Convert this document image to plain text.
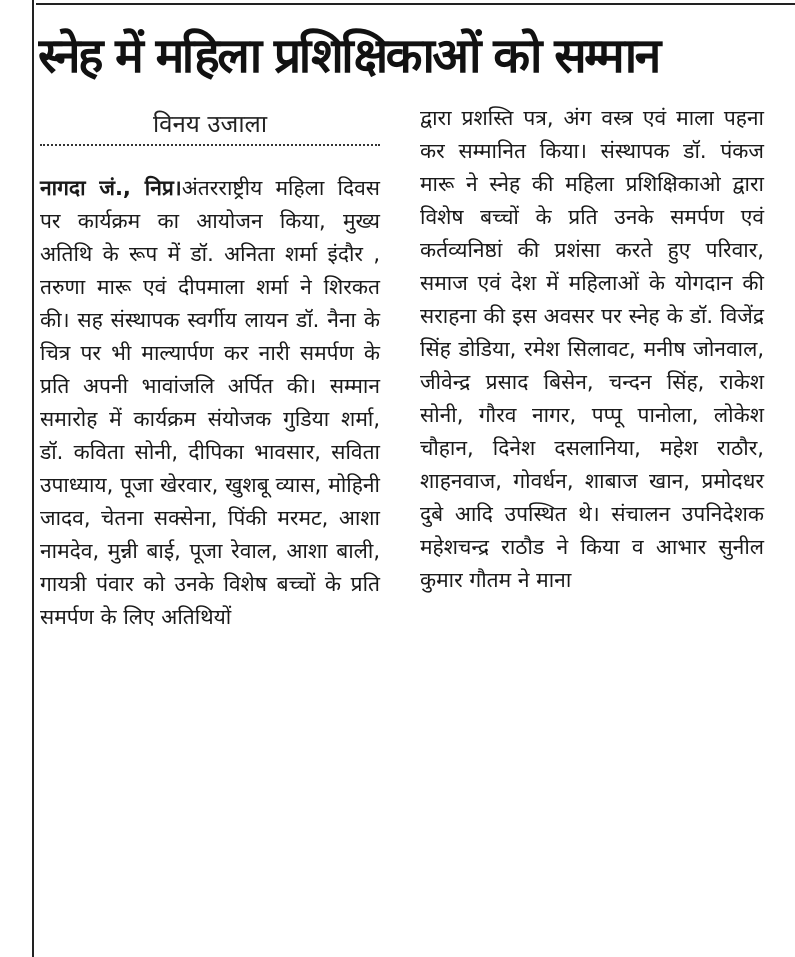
स्नेह में महिला प्रशिक्षिकाओं को सम्मान
विनय उजाला

नागदा जं., निप्र।अंतरराष्ट्रीय महिला दिवस पर कार्यक्रम का आयोजन किया, मुख्य अतिथि के रूप में डॉ. अनिता शर्मा इंदौर , तरुणा मारू एवं दीपमाला शर्मा ने शिरकत की। सह संस्थापक स्वर्गीय लायन डॉ. नैना के चित्र पर भी माल्यार्पण कर नारी समर्पण के प्रति अपनी भावांजलि अर्पित की। सम्मान समारोह में कार्यक्रम संयोजक गुडिया शर्मा, डॉ. कविता सोनी, दीपिका भावसार, सविता उपाध्याय, पूजा खेरवार, खुशबू व्यास, मोहिनी जादव, चेतना सक्सेना, पिंकी मरमट, आशा नामदेव, मुन्नी बाई, पूजा रेवाल, आशा बाली, गायत्री पंवार को उनके विशेष बच्चों के प्रति समर्पण के लिए अतिथियों

द्वारा प्रशस्ति पत्र, अंग वस्त्र एवं माला पहना कर सम्मानित किया। संस्थापक डॉ. पंकज मारू ने स्नेह की महिला प्रशिक्षिकाओ द्वारा विशेष बच्चों के प्रति उनके समर्पण एवं कर्तव्यनिष्ठां की प्रशंसा करते हुए परिवार, समाज एवं देश में महिलाओं के योगदान की सराहना की इस अवसर पर स्नेह के डॉ. विजेंद्र सिंह डोडिया, रमेश सिलावट, मनीष जोनवाल, जीवेन्द्र प्रसाद बिसेन, चन्दन सिंह, राकेश सोनी, गौरव नागर, पप्पू पानोला, लोकेश चौहान, दिनेश दसलानिया, महेश राठौर, शाहनवाज, गोवर्धन, शाबाज खान, प्रमोदधर दुबे आदि उपस्थित थे। संचालन उपनिदेशक महेशचन्द्र राठौड ने किया व आभार सुनील कुमार गौतम ने माना
